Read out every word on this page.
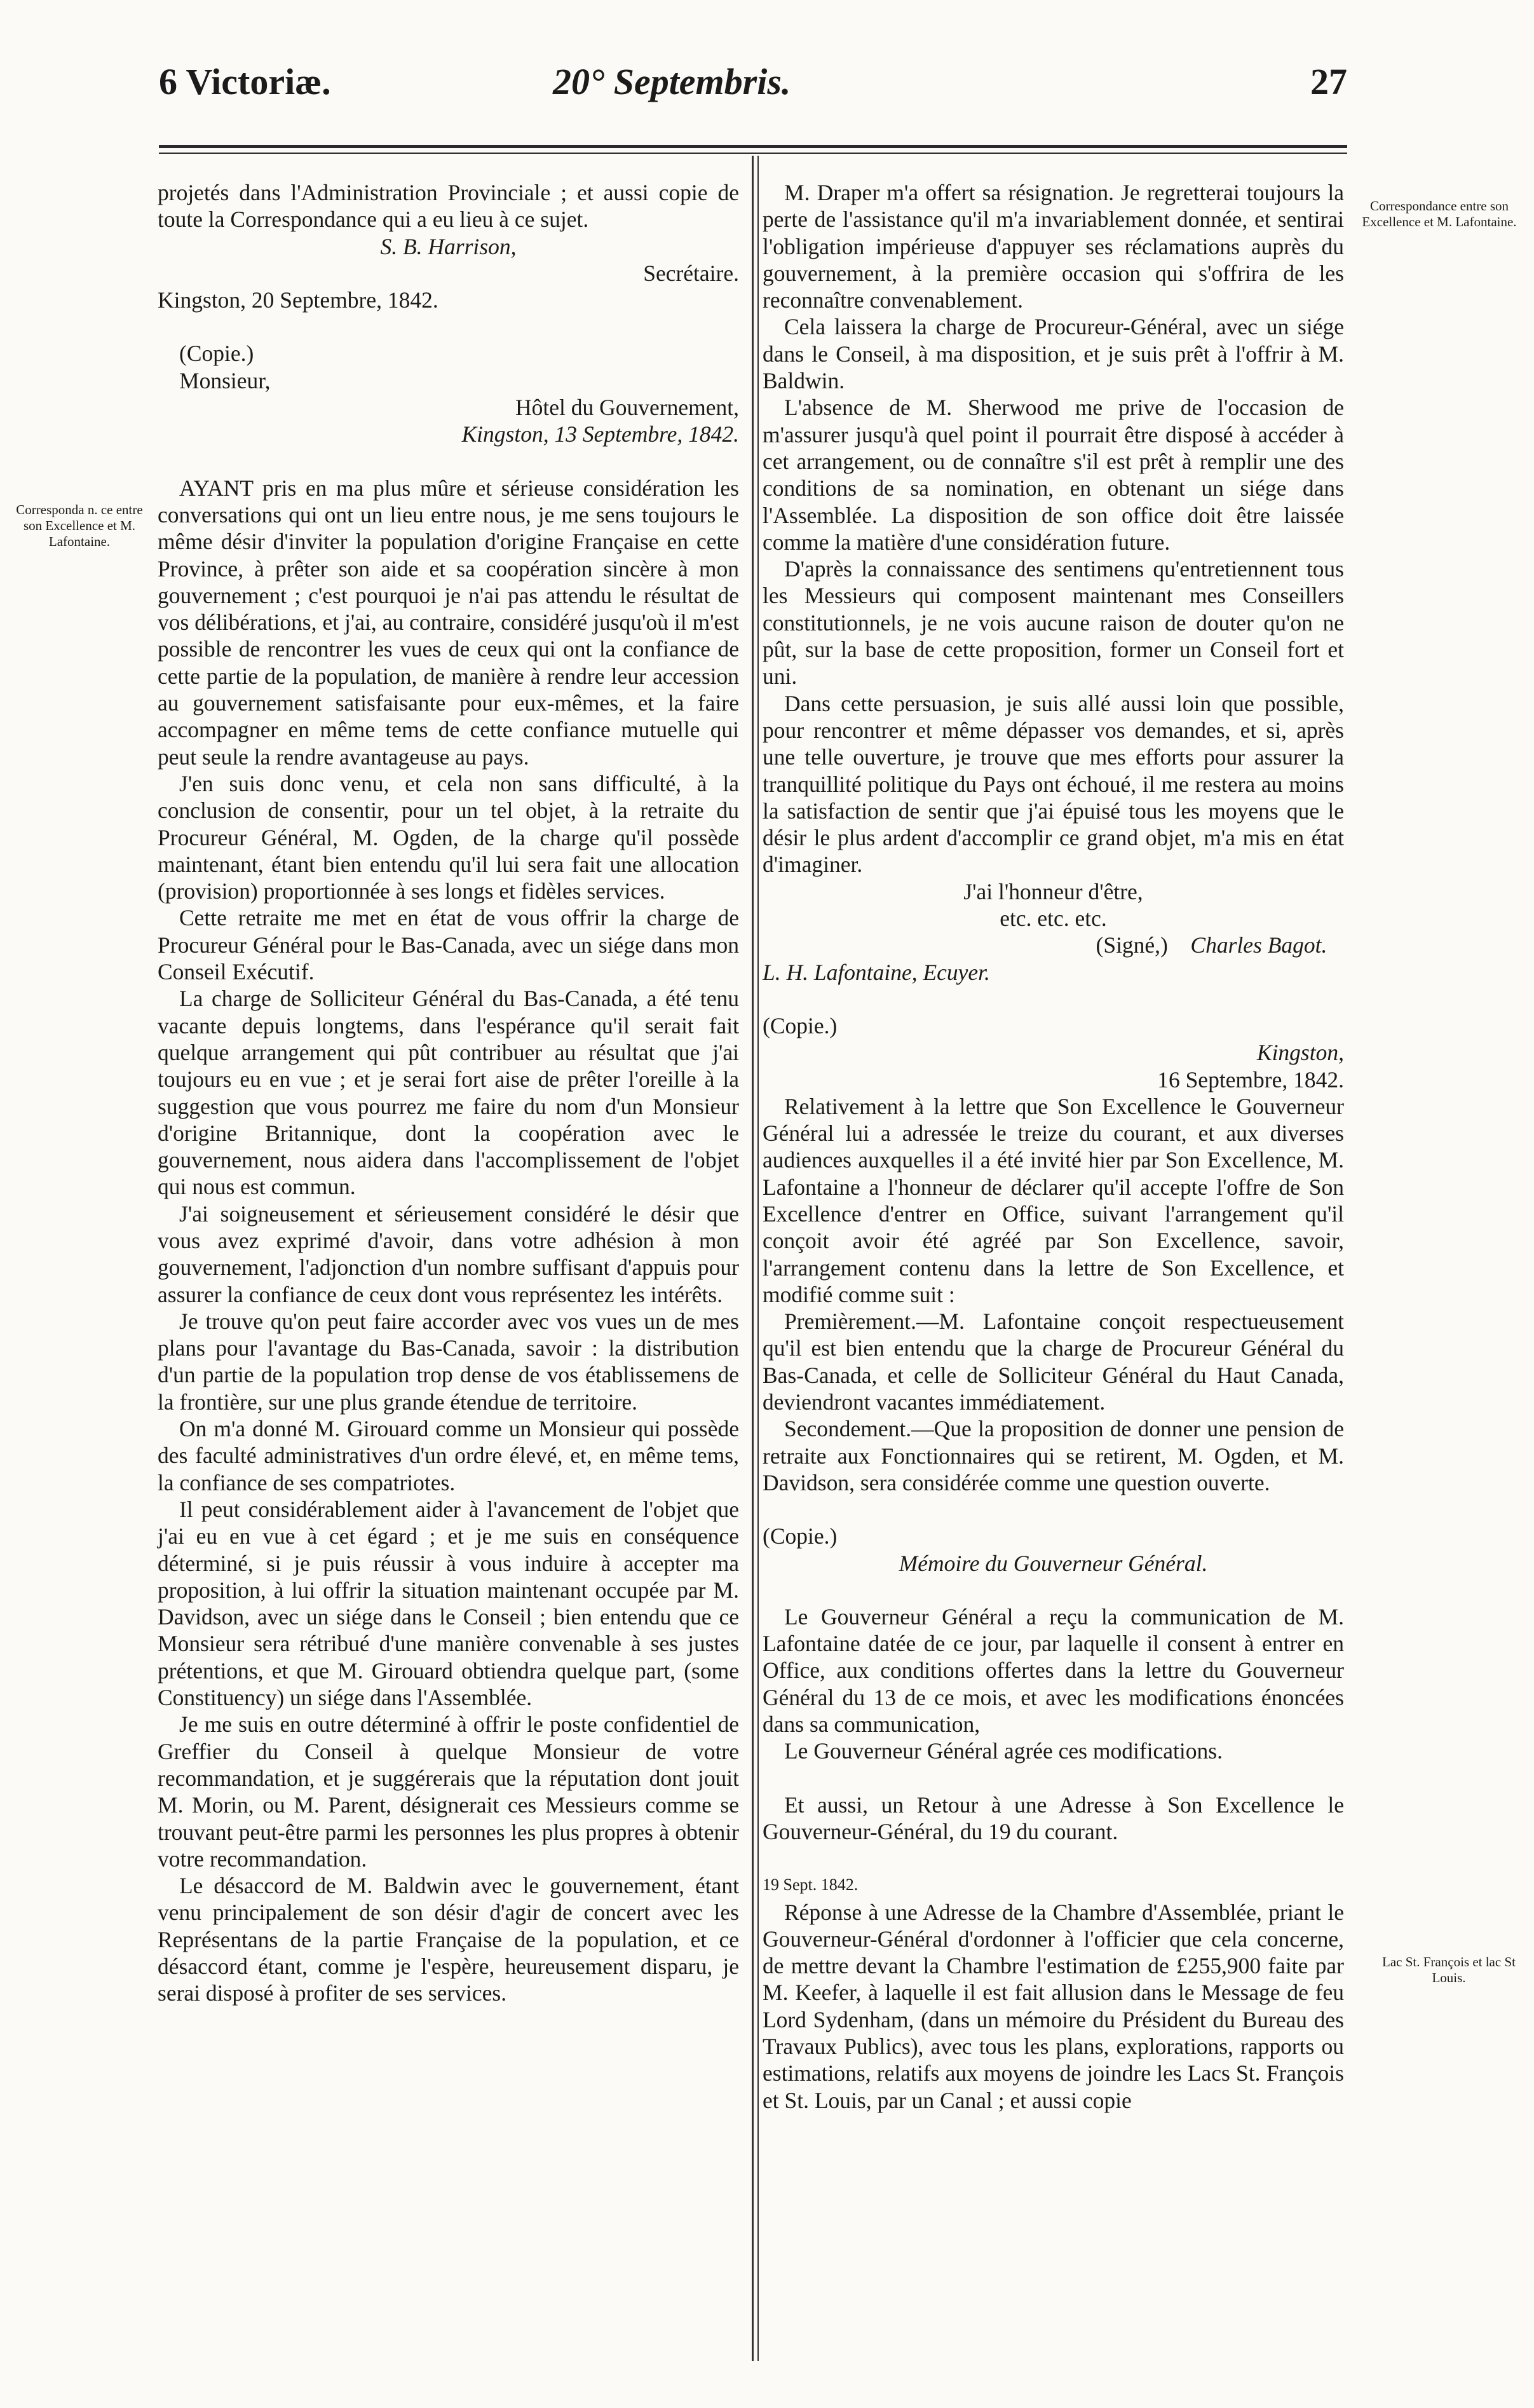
6 Victoriæ.	20° Septembris.	27
Corresponda n. ce entre son Excellence et M. Lafontaine.
Correspondance entre son Excellence et M. Lafontaine.
Lac St. François et lac St Louis.

projetés dans l'Administration Provinciale ; et aussi copie de toute la Correspondance qui a eu lieu à ce sujet.

S. B. Harrison,

Secrétaire.

Kingston, 20 Septembre, 1842.

(Copie.)

Monsieur,

Hôtel du Gouvernement,

Kingston, 13 Septembre, 1842.

AYANT pris en ma plus mûre et sérieuse considération les conversations qui ont un lieu entre nous, je me sens toujours le même désir d'inviter la population d'origine Française en cette Province, à prêter son aide et sa coopération sincère à mon gouvernement ; c'est pourquoi je n'ai pas attendu le résultat de vos délibérations, et j'ai, au contraire, considéré jusqu'où il m'est possible de rencontrer les vues de ceux qui ont la confiance de cette partie de la population, de manière à rendre leur accession au gouvernement satisfaisante pour eux-mêmes, et la faire accompagner en même tems de cette confiance mutuelle qui peut seule la rendre avantageuse au pays.

J'en suis donc venu, et cela non sans difficulté, à la conclusion de consentir, pour un tel objet, à la retraite du Procureur Général, M. Ogden, de la charge qu'il possède maintenant, étant bien entendu qu'il lui sera fait une allocation (provision) proportionnée à ses longs et fidèles services.

Cette retraite me met en état de vous offrir la charge de Procureur Général pour le Bas-Canada, avec un siége dans mon Conseil Exécutif.

La charge de Solliciteur Général du Bas-Canada, a été tenu vacante depuis longtems, dans l'espérance qu'il serait fait quelque arrangement qui pût contribuer au résultat que j'ai toujours eu en vue ; et je serai fort aise de prêter l'oreille à la suggestion que vous pourrez me faire du nom d'un Monsieur d'origine Britannique, dont la coopération avec le gouvernement, nous aidera dans l'accomplissement de l'objet qui nous est commun.

J'ai soigneusement et sérieusement considéré le désir que vous avez exprimé d'avoir, dans votre adhésion à mon gouvernement, l'adjonction d'un nombre suffisant d'appuis pour assurer la confiance de ceux dont vous représentez les intérêts.

Je trouve qu'on peut faire accorder avec vos vues un de mes plans pour l'avantage du Bas-Canada, savoir : la distribution d'un partie de la population trop dense de vos établissemens de la frontière, sur une plus grande étendue de territoire.

On m'a donné M. Girouard comme un Monsieur qui possède des faculté administratives d'un ordre élevé, et, en même tems, la confiance de ses compatriotes.

Il peut considérablement aider à l'avancement de l'objet que j'ai eu en vue à cet égard ; et je me suis en conséquence déterminé, si je puis réussir à vous induire à accepter ma proposition, à lui offrir la situation maintenant occupée par M. Davidson, avec un siége dans le Conseil ; bien entendu que ce Monsieur sera rétribué d'une manière convenable à ses justes prétentions, et que M. Girouard obtiendra quelque part, (some Constituency) un siége dans l'Assemblée.

Je me suis en outre déterminé à offrir le poste confidentiel de Greffier du Conseil à quelque Monsieur de votre recommandation, et je suggérerais que la réputation dont jouit M. Morin, ou M. Parent, désignerait ces Messieurs comme se trouvant peut-être parmi les personnes les plus propres à obtenir votre recommandation.

Le désaccord de M. Baldwin avec le gouvernement, étant venu principalement de son désir d'agir de concert avec les Représentans de la partie Française de la population, et ce désaccord étant, comme je l'espère, heureusement disparu, je serai disposé à profiter de ses services.

M. Draper m'a offert sa résignation. Je regretterai toujours la perte de l'assistance qu'il m'a invariablement donnée, et sentirai l'obligation impérieuse d'appuyer ses réclamations auprès du gouvernement, à la première occasion qui s'offrira de les reconnaître convenablement.

Cela laissera la charge de Procureur-Général, avec un siége dans le Conseil, à ma disposition, et je suis prêt à l'offrir à M. Baldwin.

L'absence de M. Sherwood me prive de l'occasion de m'assurer jusqu'à quel point il pourrait être disposé à accéder à cet arrangement, ou de connaître s'il est prêt à remplir une des conditions de sa nomination, en obtenant un siége dans l'Assemblée. La disposition de son office doit être laissée comme la matière d'une considération future.

D'après la connaissance des sentimens qu'entretiennent tous les Messieurs qui composent maintenant mes Conseillers constitutionnels, je ne vois aucune raison de douter qu'on ne pût, sur la base de cette proposition, former un Conseil fort et uni.

Dans cette persuasion, je suis allé aussi loin que possible, pour rencontrer et même dépasser vos demandes, et si, après une telle ouverture, je trouve que mes efforts pour assurer la tranquillité politique du Pays ont échoué, il me restera au moins la satisfaction de sentir que j'ai épuisé tous les moyens que le désir le plus ardent d'accomplir ce grand objet, m'a mis en état d'imaginer.

J'ai l'honneur d'être,

etc. etc. etc.

(Signé,) Charles Bagot.

L. H. Lafontaine, Ecuyer.

(Copie.)

Kingston,

16 Septembre, 1842.

Relativement à la lettre que Son Excellence le Gouverneur Général lui a adressée le treize du courant, et aux diverses audiences auxquelles il a été invité hier par Son Excellence, M. Lafontaine a l'honneur de déclarer qu'il accepte l'offre de Son Excellence d'entrer en Office, suivant l'arrangement qu'il conçoit avoir été agréé par Son Excellence, savoir, l'arrangement contenu dans la lettre de Son Excellence, et modifié comme suit :

Premièrement.—M. Lafontaine conçoit respectueusement qu'il est bien entendu que la charge de Procureur Général du Bas-Canada, et celle de Solliciteur Général du Haut Canada, deviendront vacantes immédiatement.

Secondement.—Que la proposition de donner une pension de retraite aux Fonctionnaires qui se retirent, M. Ogden, et M. Davidson, sera considérée comme une question ouverte.

(Copie.)

Mémoire du Gouverneur Général.

Le Gouverneur Général a reçu la communication de M. Lafontaine datée de ce jour, par laquelle il consent à entrer en Office, aux conditions offertes dans la lettre du Gouverneur Général du 13 de ce mois, et avec les modifications énoncées dans sa communication,

Le Gouverneur Général agrée ces modifications.

Et aussi, un Retour à une Adresse à Son Excellence le Gouverneur-Général, du 19 du courant.

19 Sept. 1842.

Réponse à une Adresse de la Chambre d'Assemblée, priant le Gouverneur-Général d'ordonner à l'officier que cela concerne, de mettre devant la Chambre l'estimation de £255,900 faite par M. Keefer, à laquelle il est fait allusion dans le Message de feu Lord Sydenham, (dans un mémoire du Président du Bureau des Travaux Publics), avec tous les plans, explorations, rapports ou estimations, relatifs aux moyens de joindre les Lacs St. François et St. Louis, par un Canal ; et aussi copie
